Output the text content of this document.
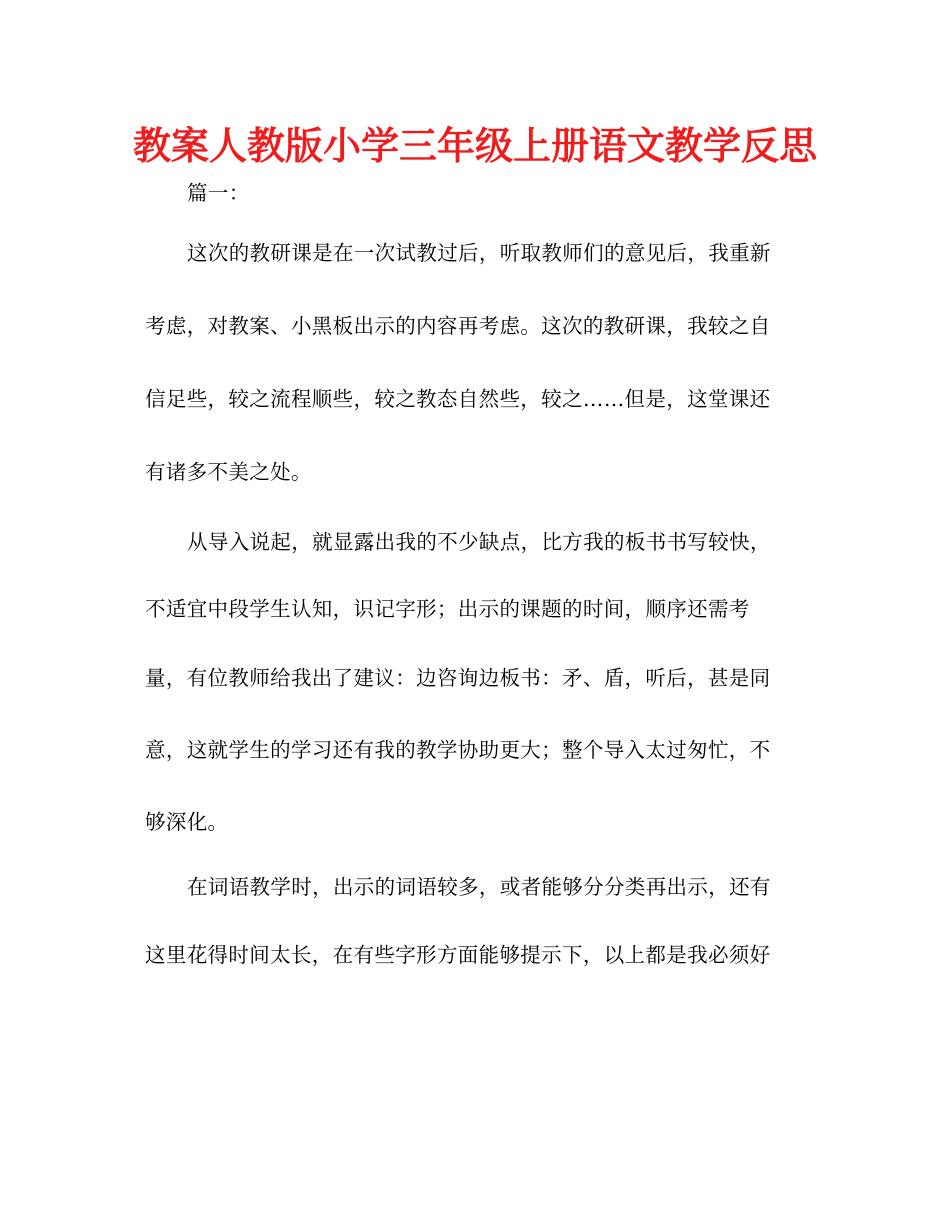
教案人教版小学三年级上册语文教学反思
篇一：
这次的教研课是在一次试教过后，听取教师们的意见后，我重新
考虑，对教案、小黑板出示的内容再考虑。这次的教研课，我较之自
信足些，较之流程顺些，较之教态自然些，较之……但是，这堂课还
有诸多不美之处。
从导入说起，就显露出我的不少缺点，比方我的板书书写较快，
不适宜中段学生认知，识记字形；出示的课题的时间，顺序还需考
量，有位教师给我出了建议：边咨询边板书：矛、盾，听后，甚是同
意，这就学生的学习还有我的教学协助更大；整个导入太过匆忙，不
够深化。
在词语教学时，出示的词语较多，或者能够分分类再出示，还有
这里花得时间太长，在有些字形方面能够提示下，以上都是我必须好
